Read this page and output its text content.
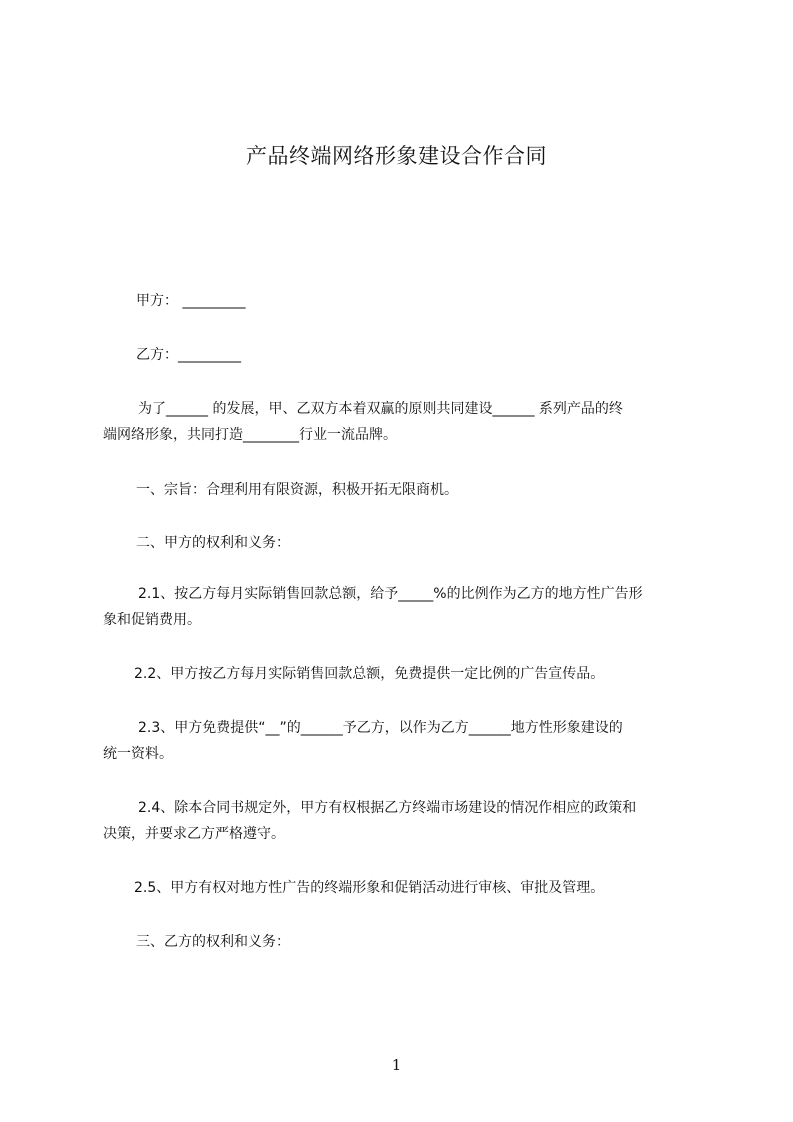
产品终端网络形象建设合作合同
甲方： _________
乙方：_________
为了______ 的发展，甲、乙双方本着双赢的原则共同建设______ 系列产品的终
端网络形象，共同打造________行业一流品牌。
一、宗旨：合理利用有限资源，积极开拓无限商机。
二、甲方的权利和义务：
2.1、按乙方每月实际销售回款总额，给予_____%的比例作为乙方的地方性广告形
象和促销费用。
2.2、甲方按乙方每月实际销售回款总额，免费提供一定比例的广告宣传品。
2.3、甲方免费提供“__”的______予乙方，以作为乙方______地方性形象建设的
统一资料。
2.4、除本合同书规定外，甲方有权根据乙方终端市场建设的情况作相应的政策和
决策，并要求乙方严格遵守。
2.5、甲方有权对地方性广告的终端形象和促销活动进行审核、审批及管理。
三、乙方的权利和义务：
1
